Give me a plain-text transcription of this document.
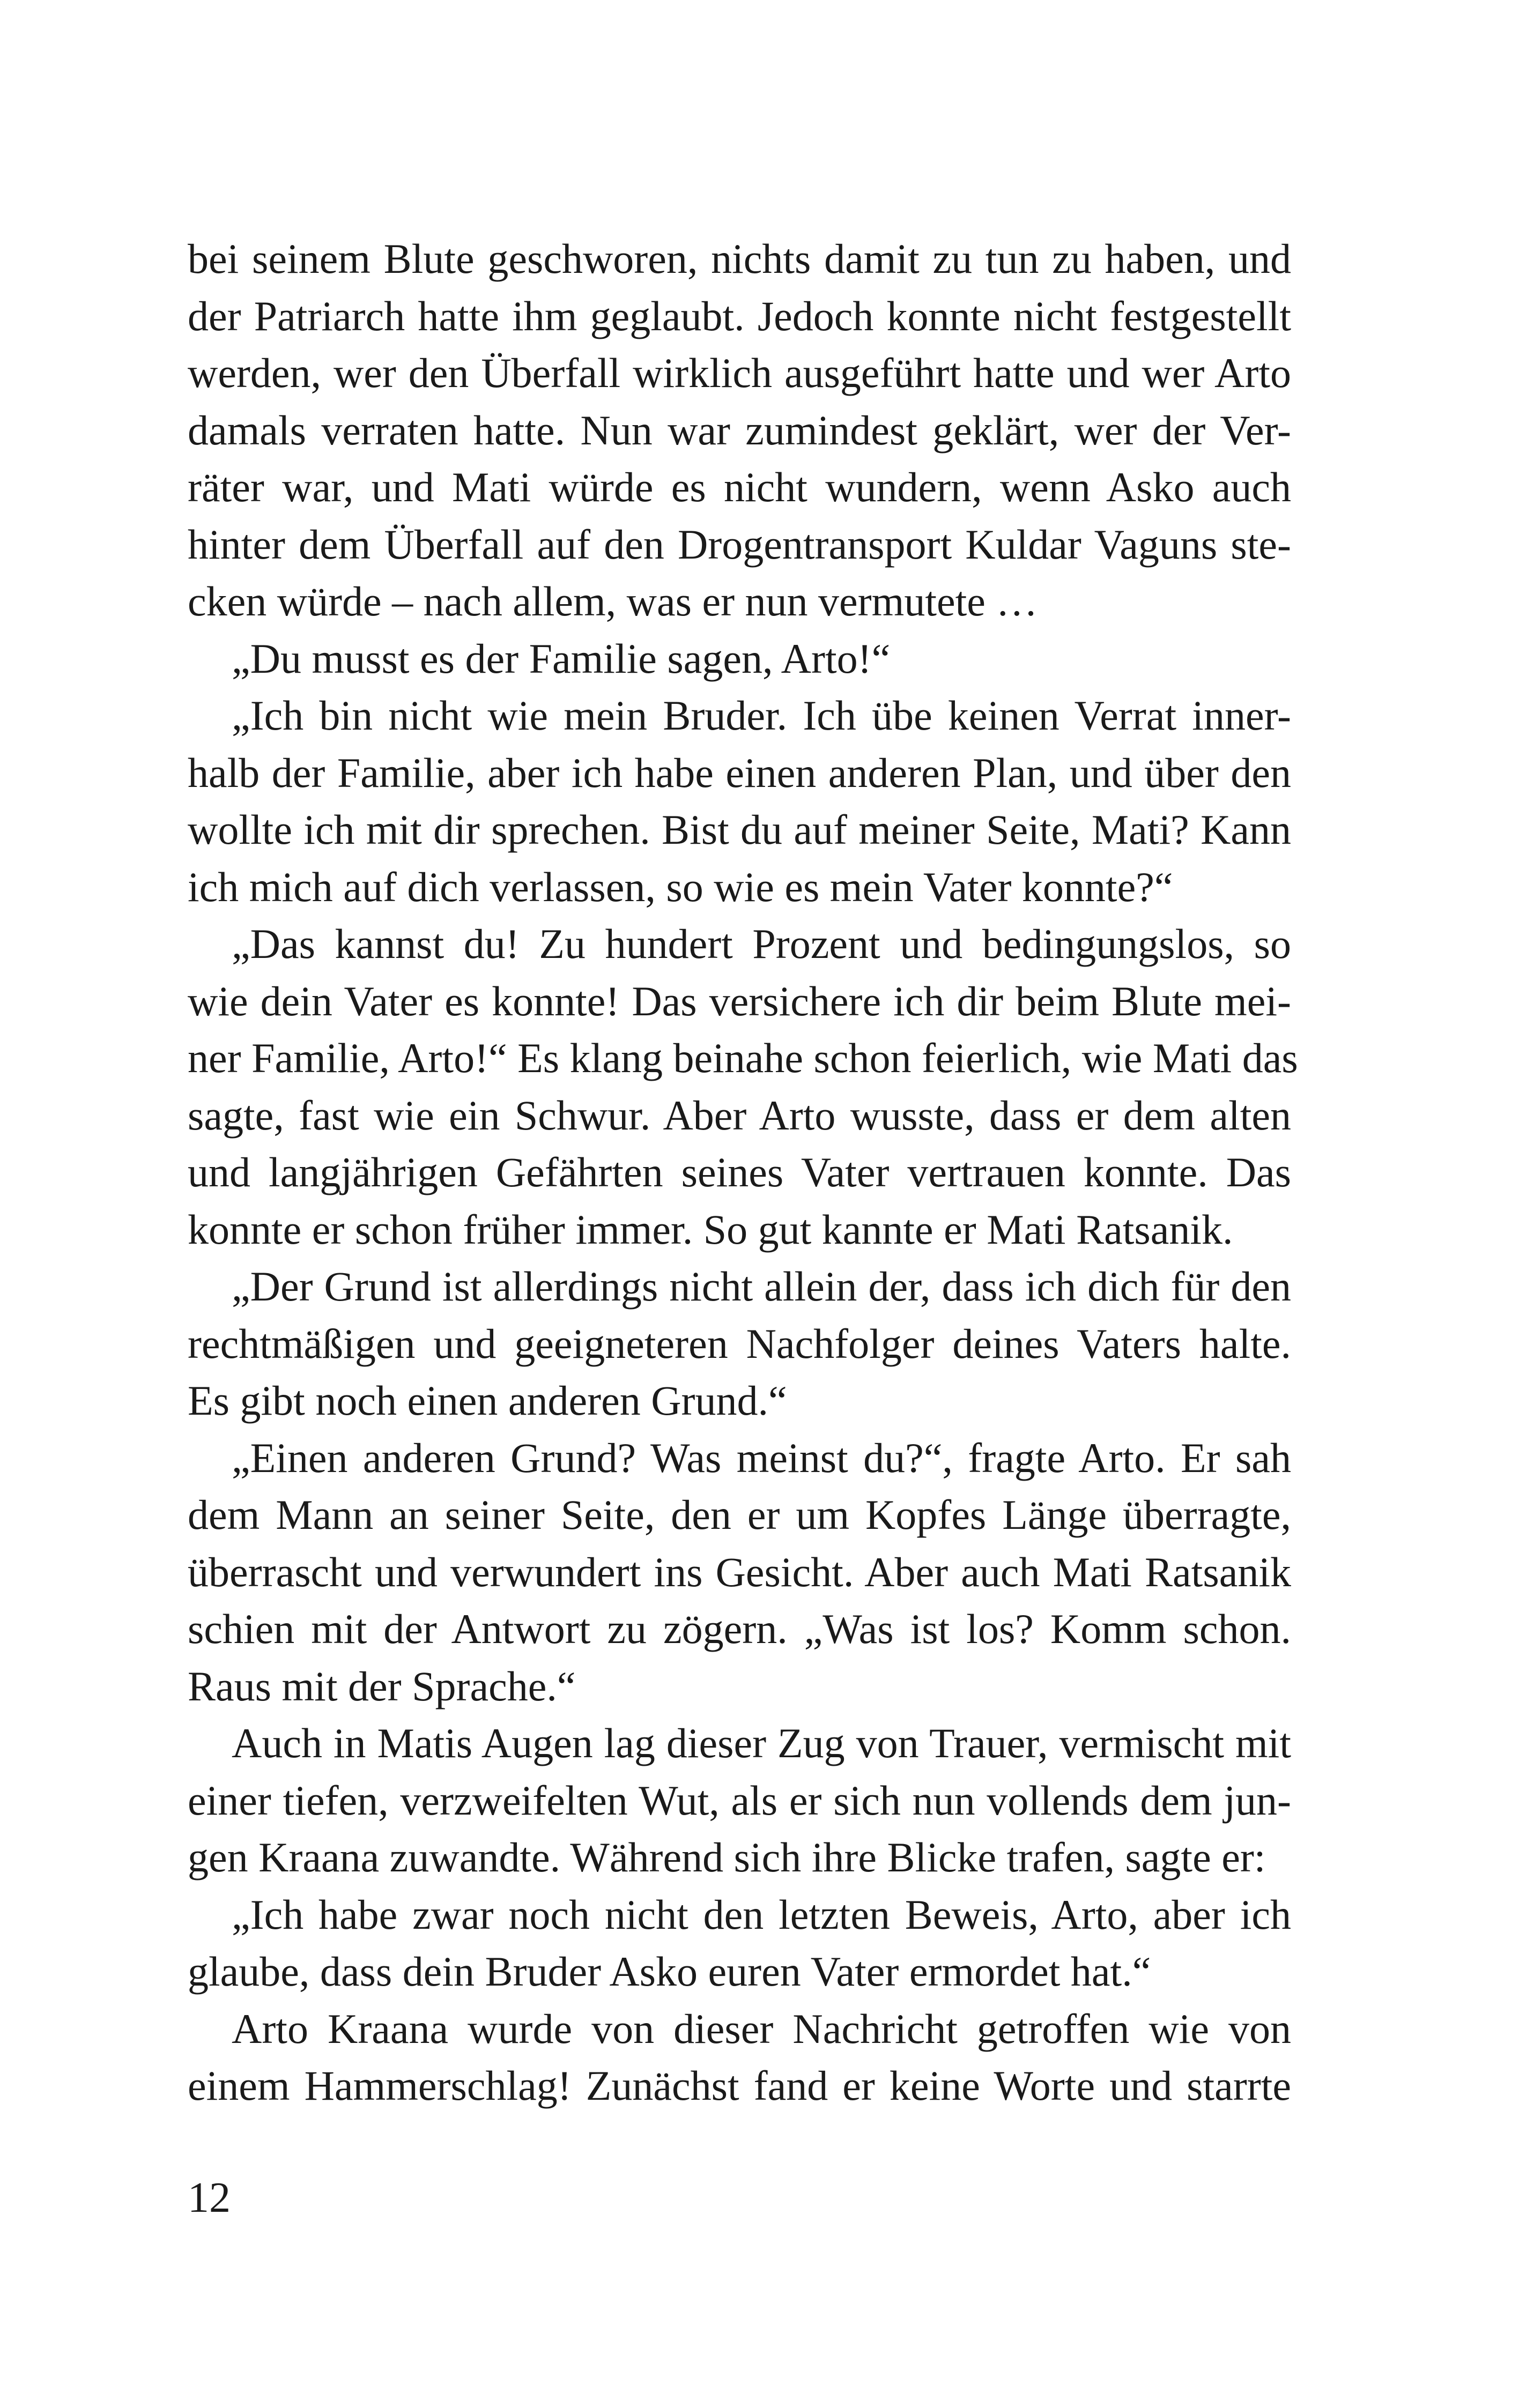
bei seinem Blute geschworen, nichts damit zu tun zu haben, und
der Patriarch hatte ihm geglaubt. Jedoch konnte nicht festgestellt
werden, wer den Überfall wirklich ausgeführt hatte und wer Arto
damals verraten hatte. Nun war zumindest geklärt, wer der Ver-
räter war, und Mati würde es nicht wundern, wenn Asko auch
hinter dem Überfall auf den Drogentransport Kuldar Vaguns ste-
cken würde – nach allem, was er nun vermutete …
„Du musst es der Familie sagen, Arto!“
„Ich bin nicht wie mein Bruder. Ich übe keinen Verrat inner-
halb der Familie, aber ich habe einen anderen Plan, und über den
wollte ich mit dir sprechen. Bist du auf meiner Seite, Mati? Kann
ich mich auf dich verlassen, so wie es mein Vater konnte?“
„Das kannst du! Zu hundert Prozent und bedingungslos, so
wie dein Vater es konnte! Das versichere ich dir beim Blute mei-
ner Familie, Arto!“ Es klang beinahe schon feierlich, wie Mati das
sagte, fast wie ein Schwur. Aber Arto wusste, dass er dem alten
und langjährigen Gefährten seines Vater vertrauen konnte. Das
konnte er schon früher immer. So gut kannte er Mati Ratsanik.
„Der Grund ist allerdings nicht allein der, dass ich dich für den
rechtmäßigen und geeigneteren Nachfolger deines Vaters halte.
Es gibt noch einen anderen Grund.“
„Einen anderen Grund? Was meinst du?“, fragte Arto. Er sah
dem Mann an seiner Seite, den er um Kopfes Länge überragte,
überrascht und verwundert ins Gesicht. Aber auch Mati Ratsanik
schien mit der Antwort zu zögern. „Was ist los? Komm schon.
Raus mit der Sprache.“
Auch in Matis Augen lag dieser Zug von Trauer, vermischt mit
einer tiefen, verzweifelten Wut, als er sich nun vollends dem jun-
gen Kraana zuwandte. Während sich ihre Blicke trafen, sagte er:
„Ich habe zwar noch nicht den letzten Beweis, Arto, aber ich
glaube, dass dein Bruder Asko euren Vater ermordet hat.“
Arto Kraana wurde von dieser Nachricht getroffen wie von
einem Hammerschlag! Zunächst fand er keine Worte und starrte
12
